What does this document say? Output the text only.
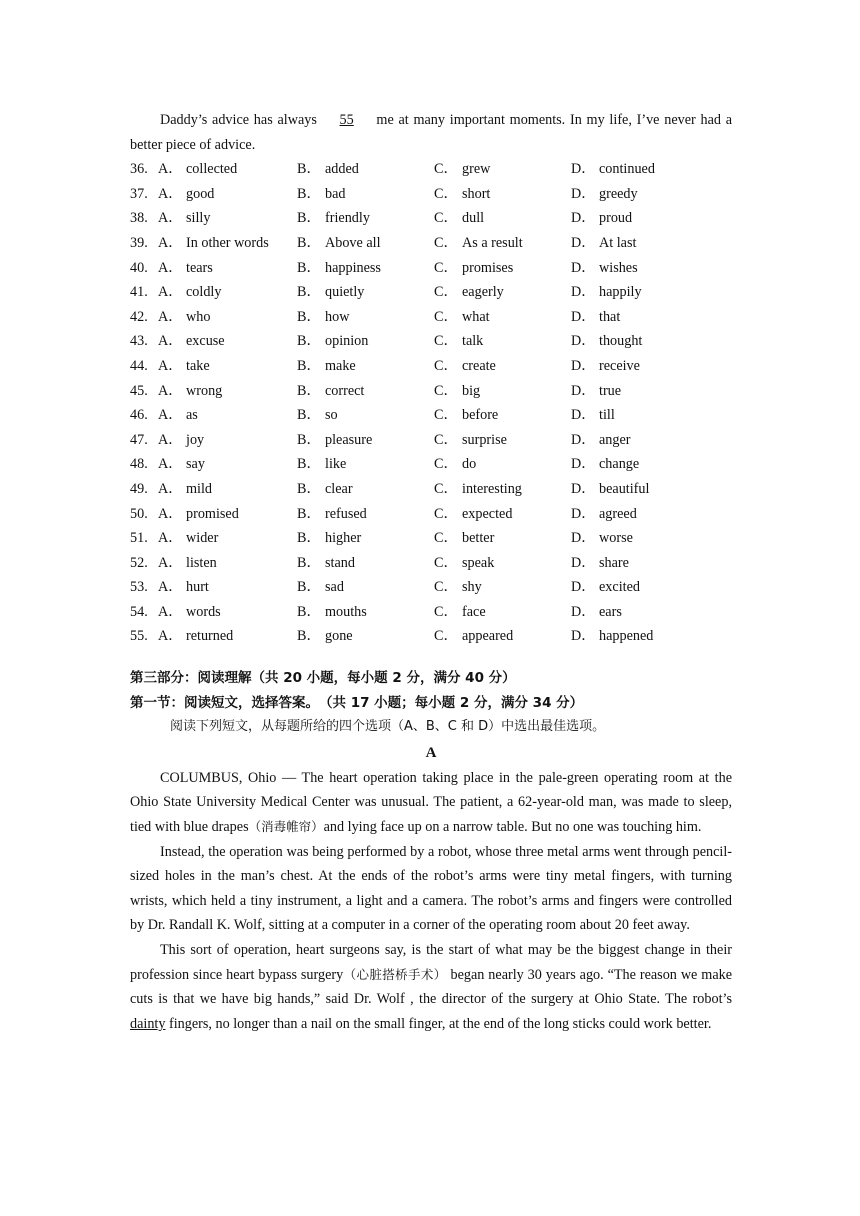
Daddy’s advice has always 55 me at many important moments. In my life, I’ve never had a better piece of advice.

36. A． collected	B． added	C． grew	D． continued
37. A． good	B． bad	C． short	D． greedy
38. A． silly	B． friendly	C． dull	D． proud
39. A． In other words B． Above all	C． As a result	D． At last
40. A． tears	B． happiness	C． promises	D． wishes
41. A． coldly	B． quietly	C． eagerly	D． happily
42. A． who	B． how	C． what	D． that
43. A． excuse	B． opinion	C． talk	D． thought
44. A． take	B． make	C． create	D． receive
45. A． wrong	B． correct	C． big	D． true
46. A． as	B． so	C． before	D． till
47. A． joy	B． pleasure	C． surprise	D． anger
48. A． say	B． like	C． do	D． change
49. A． mild	B． clear	C． interesting	D． beautiful
50. A． promised	B． refused	C． expected	D． agreed
51. A． wider	B． higher	C． better	D． worse
52. A． listen	B． stand	C． speak	D． share
53. A． hurt	B． sad	C． shy	D． excited
54. A． words	B． mouths	C． face	D． ears
55. A． returned	B． gone	C． appeared	D． happened

第三部分：阅读理解（共 20 小题，每小题 2 分，满分 40 分）

第一节：阅读短文，选择答案。　（共 17 小题；每小题 2 分，满分 34 分）

阅读下列短文，从每题所给的四个选项（A、B、C 和 D）中选出最佳选项。

A

COLUMBUS, Ohio — The heart operation taking place in the pale-green operating room at the Ohio State University Medical Center was unusual. The patient, a 62-year-old man, was made to sleep, tied with blue drapes（消毒帷帘）and lying face up on a narrow table. But no one was touching him.

Instead, the operation was being performed by a robot, whose three metal arms went through pencil-sized holes in the man’s chest. At the ends of the robot’s arms were tiny metal fingers, with turning wrists, which held a tiny instrument, a light and a camera. The robot’s arms and fingers were controlled by Dr. Randall K. Wolf, sitting at a computer in a corner of the operating room about 20 feet away.

This sort of operation, heart surgeons say, is the start of what may be the biggest change in their profession since heart bypass surgery（心脏搭桥手术） began nearly 30 years ago. “The reason we make cuts is that we have big hands,” said Dr. Wolf , the director of the surgery at Ohio State. The robot’s dainty fingers, no longer than a nail on the small finger, at the end of the long sticks could work better.
